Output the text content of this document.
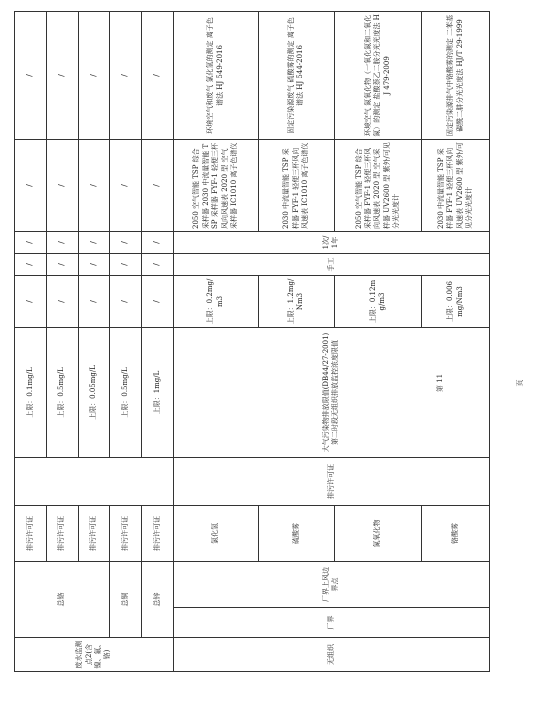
废水监测点2(含镍、氟、铬)	总铬		排污许可证		上限：0.1mg/L	/	/	/	/	/
			排污许可证		上限：0.5mg/L	/	/	/	/	/
			排污许可证		上限：0.05mg/L	/	/	/	/	/
	总铜		排污许可证		上限：0.5mg/L	/	/	/	/	/
	总锌		排污许可证		上限：1mg/L	/	/	/	/	/
无组织	厂界	厂界上风边界点	氯化氢	排污许可证	大气污染物排放限值(DB44/27-2001)第二时段无组织排放监控浓度限值	上限：0.2mg/m3	手工	1次/1年	2050 空气智能 TSP 综合采样器 2030 中流量智能 TSP 采样器 FYF-1 轻便三杯风向风速表 2020 型 空气采样器 IC1010 离子色谱仪	环境空气和废气 氯化氢的测定 离子色谱法 HJ 549-2016
			硫酸雾			上限：1.2mg/Nm3			2030 中流量智能 TSP 采样器 FYF-1 轻便三杯风向风速表 IC1010 离子色谱仪	固定污染源废气 硫酸雾的测定 离子色谱法 HJ 544-2016
			氮氧化物			上限：0.12mg/m3			2050 空气智能 TSP 综合采样器 FYF-1 轻便三杯风向风速表 2020 型 空气采样器 UV2600 型 紫外/可见分光光度计	环境空气 氮氧化物（一氧化氮和二氧化氮）的测定 盐酸萘乙二胺分光光度法 HJ 479-2009
			铬酸雾			上限：0.006mg/Nm3			2030 中流量智能 TSP 采样器 FYF-1 轻便三杯风向风速表 UV2600 型 紫外/可见分光光度计	固定污染源排气中铬酸雾的测定 二苯基碳酰二肼分光光度法 HJ/T 29-1999
第 11 页
